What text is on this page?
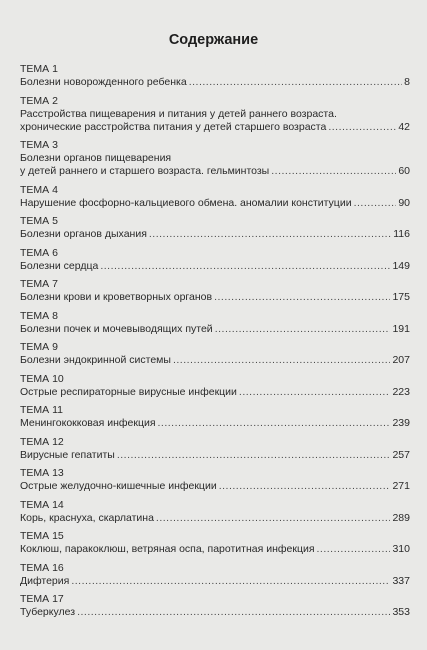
Содержание
ТЕМА 1
Болезни новорожденного ребенка .....	8
ТЕМА 2
Расстройства пищеварения и питания у детей раннего возраста.
хронические расстройства питания у детей старшего возраста .....	42
ТЕМА 3
Болезни органов пищеварения
у детей раннего и старшего возраста. гельминтозы .....	60
ТЕМА 4
Нарушение фосфорно-кальциевого обмена. аномалии конституции .....	90
ТЕМА 5
Болезни органов дыхания .....	116
ТЕМА 6
Болезни сердца .....	149
ТЕМА 7
Болезни крови и кроветворных органов .....	175
ТЕМА 8
Болезни почек и мочевыводящих путей .....	191
ТЕМА 9
Болезни эндокринной системы .....	207
ТЕМА 10
Острые респираторные вирусные инфекции .....	223
ТЕМА 11
Менингококковая инфекция .....	239
ТЕМА 12
Вирусные гепатиты .....	257
ТЕМА 13
Острые желудочно-кишечные инфекции .....	271
ТЕМА 14
Корь, краснуха, скарлатина .....	289
ТЕМА 15
Коклюш, паракоклюш, ветряная оспа, паротитная инфекция .....	310
ТЕМА 16
Дифтерия .....	337
ТЕМА 17
Туберкулез .....	353
